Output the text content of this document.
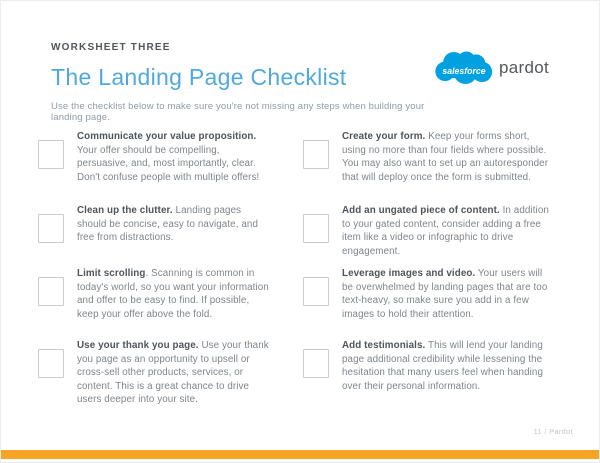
WORKSHEET THREE
The Landing Page Checklist
Use the checklist below to make sure you're not missing any steps when building your landing page.
salesforce pardot

Communicate your value proposition. Your offer should be compelling, persuasive, and, most importantly, clear. Don't confuse people with multiple offers!

Clean up the clutter. Landing pages should be concise, easy to navigate, and free from distractions.

Limit scrolling. Scanning is common in today's world, so you want your information and offer to be easy to find. If possible, keep your offer above the fold.

Use your thank you page. Use your thank you page as an opportunity to upsell or cross-sell other products, services, or content. This is a great chance to drive users deeper into your site.

Create your form. Keep your forms short, using no more than four fields where possible. You may also want to set up an autoresponder that will deploy once the form is submitted.

Add an ungated piece of content. In addition to your gated content, consider adding a free item like a video or infographic to drive engagement.

Leverage images and video. Your users will be overwhelmed by landing pages that are too text-heavy, so make sure you add in a few images to hold their attention.

Add testimonials. This will lend your landing page additional credibility while lessening the hesitation that many users feel when handing over their personal information.

11 / Pardot
